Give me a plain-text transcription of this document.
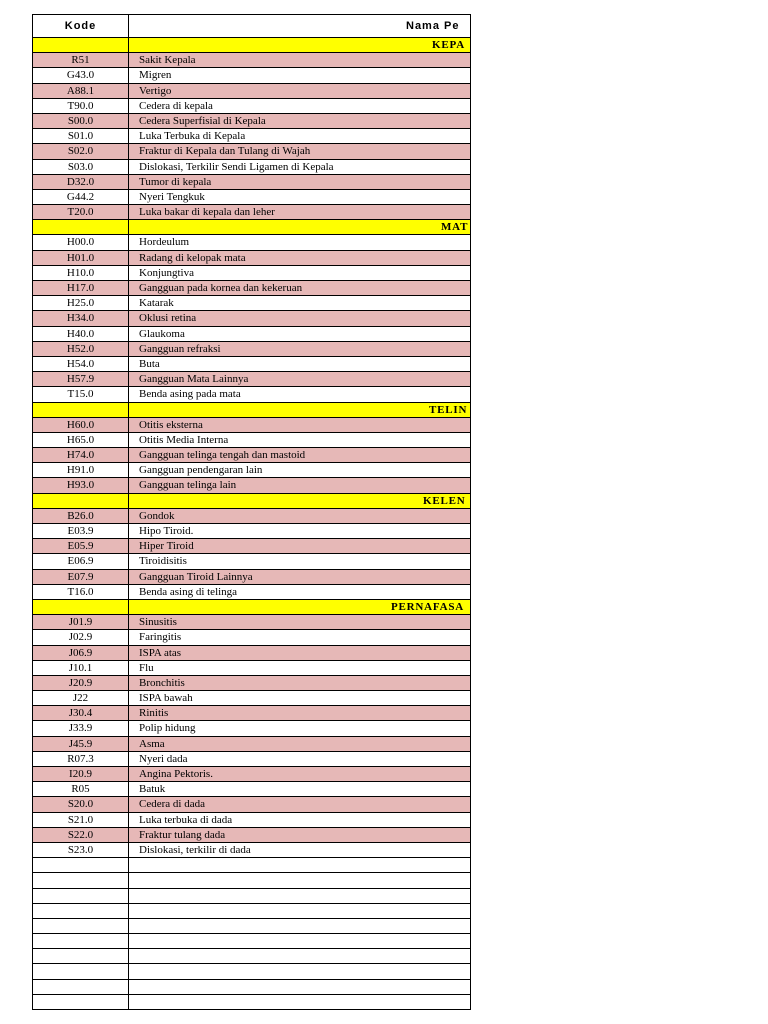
Kode	Nama Pe
KEPA
R51	Sakit Kepala
G43.0	Migren
A88.1	Vertigo
T90.0	Cedera di kepala
S00.0	Cedera Superfisial di Kepala
S01.0	Luka Terbuka di Kepala
S02.0	Fraktur di Kepala dan Tulang di Wajah
S03.0	Dislokasi, Terkilir Sendi Ligamen di Kepala
D32.0	Tumor di kepala
G44.2	Nyeri Tengkuk
T20.0	Luka bakar di kepala dan leher
MAT
H00.0	Hordeulum
H01.0	Radang di kelopak mata
H10.0	Konjungtiva
H17.0	Gangguan pada kornea dan kekeruan
H25.0	Katarak
H34.0	Oklusi retina
H40.0	Glaukoma
H52.0	Gangguan refraksi
H54.0	Buta
H57.9	Gangguan Mata Lainnya
T15.0	Benda asing pada mata
TELIN
H60.0	Otitis eksterna
H65.0	Otitis Media Interna
H74.0	Gangguan telinga tengah dan mastoid
H91.0	Gangguan pendengaran lain
H93.0	Gangguan telinga lain
KELEN
B26.0	Gondok
E03.9	Hipo Tiroid.
E05.9	Hiper Tiroid
E06.9	Tiroidisitis
E07.9	Gangguan Tiroid Lainnya
T16.0	Benda asing di telinga
PERNAFASA
J01.9	Sinusitis
J02.9	Faringitis
J06.9	ISPA atas
J10.1	Flu
J20.9	Bronchitis
J22	ISPA bawah
J30.4	Rinitis
J33.9	Polip hidung
J45.9	Asma
R07.3	Nyeri dada
I20.9	Angina Pektoris.
R05	Batuk
S20.0	Cedera di dada
S21.0	Luka terbuka di dada
S22.0	Fraktur tulang dada
S23.0	Dislokasi, terkilir di dada
